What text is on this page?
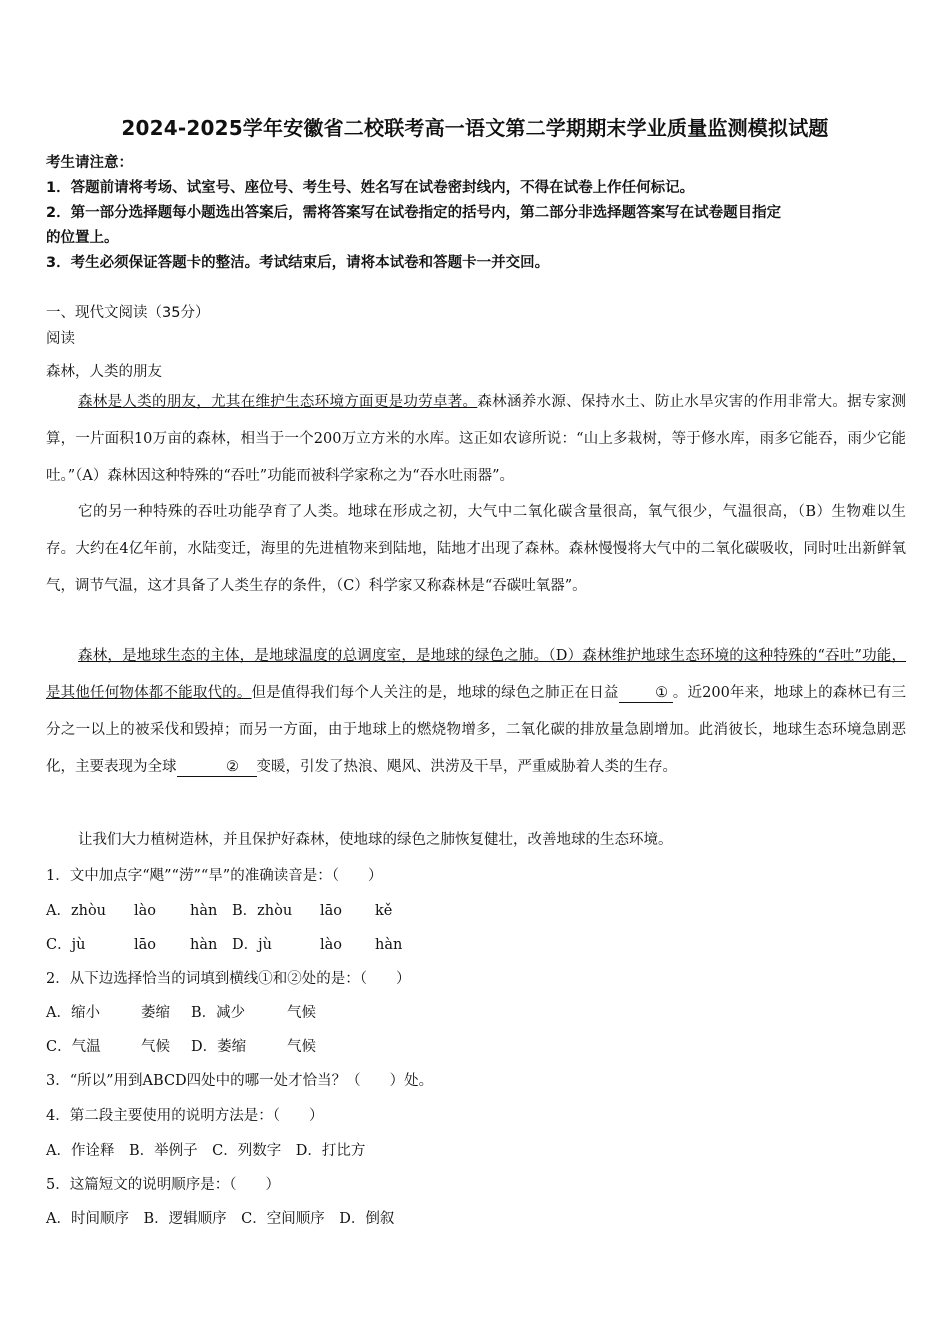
2024-2025学年安徽省二校联考高一语文第二学期期末学业质量监测模拟试题
考生请注意：
1．答题前请将考场、试室号、座位号、考生号、姓名写在试卷密封线内，不得在试卷上作任何标记。
2．第一部分选择题每小题选出答案后，需将答案写在试卷指定的括号内，第二部分非选择题答案写在试卷题目指定
的位置上。
3．考生必须保证答题卡的整洁。考试结束后，请将本试卷和答题卡一并交回。
一、现代文阅读（35分）
阅读
森林，人类的朋友
森林是人类的朋友，尤其在维护生态环境方面更是功劳卓著。森林涵养水源、保持水土、防止水旱灾害的作用非常大。据专家测算，一片面积10万亩的森林，相当于一个200万立方米的水库。这正如农谚所说：“山上多栽树，等于修水库，雨多它能吞，雨少它能吐。”（A）森林因这种特殊的“吞吐”功能而被科学家称之为“吞水吐雨器”。
它的另一种特殊的吞吐功能孕育了人类。地球在形成之初，大气中二氧化碳含量很高，氧气很少，气温很高，（B）生物难以生存。大约在4亿年前，水陆变迁，海里的先进植物来到陆地，陆地才出现了森林。森林慢慢将大气中的二氧化碳吸收，同时吐出新鲜氧气，调节气温，这才具备了人类生存的条件，（C）科学家又称森林是“吞碳吐氧器”。
森林，是地球生态的主体，是地球温度的总调度室，是地球的绿色之肺。（D）森林维护地球生态环境的这种特殊的“吞吐”功能，是其他任何物体都不能取代的。但是值得我们每个人关注的是，地球的绿色之肺正在日益	① 。近200年来，地球上的森林已有三分之一以上的被采伐和毁掉；而另一方面，由于地球上的燃烧物增多，二氧化碳的排放量急剧增加。此消彼长，地球生态环境急剧恶化，主要表现为全球	② 变暖，引发了热浪、飓风、洪涝及干旱，严重威胁着人类的生存。
让我们大力植树造林，并且保护好森林，使地球的绿色之肺恢复健壮，改善地球的生态环境。
1．文中加点字“飓”“涝”“旱”的准确读音是：（　　）
A．zhòu lào hàn B．zhòu lāo kě
C．jù	lāo hàn D．jù	lào hàn
2．从下边选择恰当的词填到横线①和②处的是：（　　）
A．缩小	萎缩 B．减少	气候
C．气温	气候 D．萎缩	气候
3．“所以”用到ABCD四处中的哪一处才恰当？（　　）处。
4．第二段主要使用的说明方法是：（　　）
A．作诠释　B．举例子　C．列数字　D．打比方
5．这篇短文的说明顺序是：（　　）
A．时间顺序　B．逻辑顺序　C．空间顺序　D．倒叙
